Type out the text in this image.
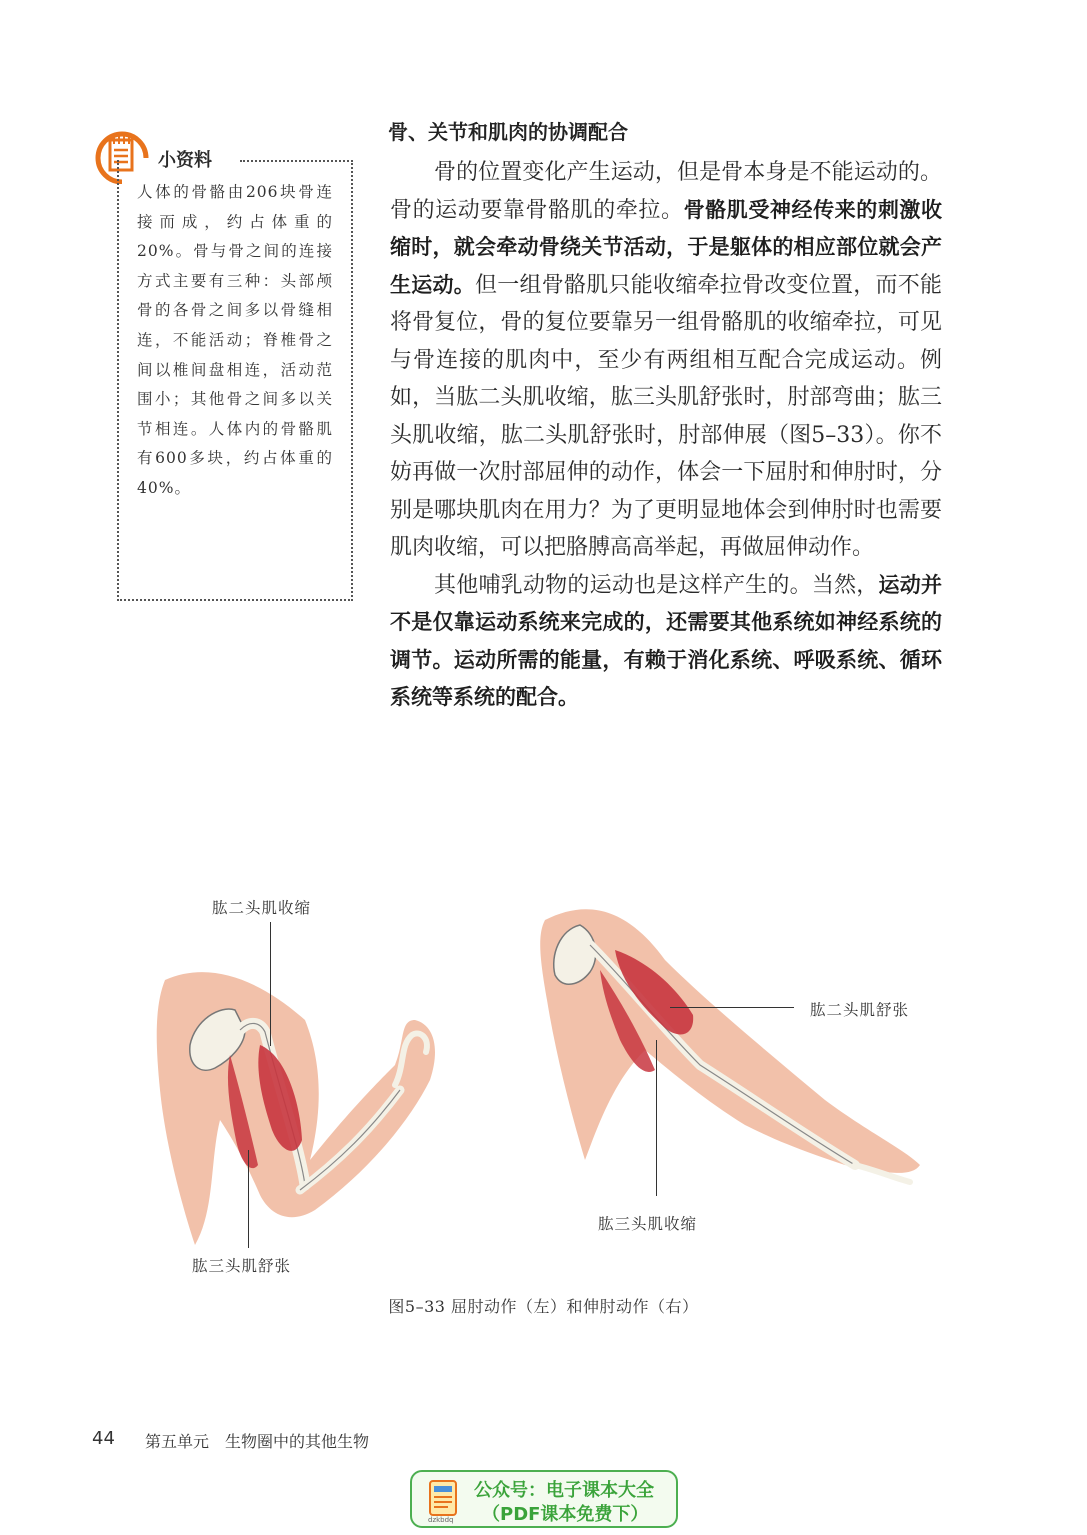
小资料
人体的骨骼由206块骨连接而成，约占体重的20%。骨与骨之间的连接方式主要有三种：头部颅骨的各骨之间多以骨缝相连，不能活动；脊椎骨之间以椎间盘相连，活动范围小；其他骨之间多以关节相连。人体内的骨骼肌有600多块，约占体重的40%。
骨、关节和肌肉的协调配合

骨的位置变化产生运动，但是骨本身是不能运动的。骨的运动要靠骨骼肌的牵拉。骨骼肌受神经传来的刺激收缩时，就会牵动骨绕关节活动，于是躯体的相应部位就会产生运动。但一组骨骼肌只能收缩牵拉骨改变位置，而不能将骨复位，骨的复位要靠另一组骨骼肌的收缩牵拉，可见与骨连接的肌肉中，至少有两组相互配合完成运动。例如，当肱二头肌收缩，肱三头肌舒张时，肘部弯曲；肱三头肌收缩，肱二头肌舒张时，肘部伸展（图5–33）。你不妨再做一次肘部屈伸的动作，体会一下屈肘和伸肘时，分别是哪块肌肉在用力？为了更明显地体会到伸肘时也需要肌肉收缩，可以把胳膊高高举起，再做屈伸动作。

其他哺乳动物的运动也是这样产生的。当然，运动并不是仅靠运动系统来完成的，还需要其他系统如神经系统的调节。运动所需的能量，有赖于消化系统、呼吸系统、循环系统等系统的配合。

肱二头肌收缩
肱三头肌舒张
肱二头肌舒张
肱三头肌收缩
图5–33 屈肘动作（左）和伸肘动作（右）
44 第五单元　生物圈中的其他生物
dzkbdq
公众号：电子课本大全
（PDF课本免费下）
